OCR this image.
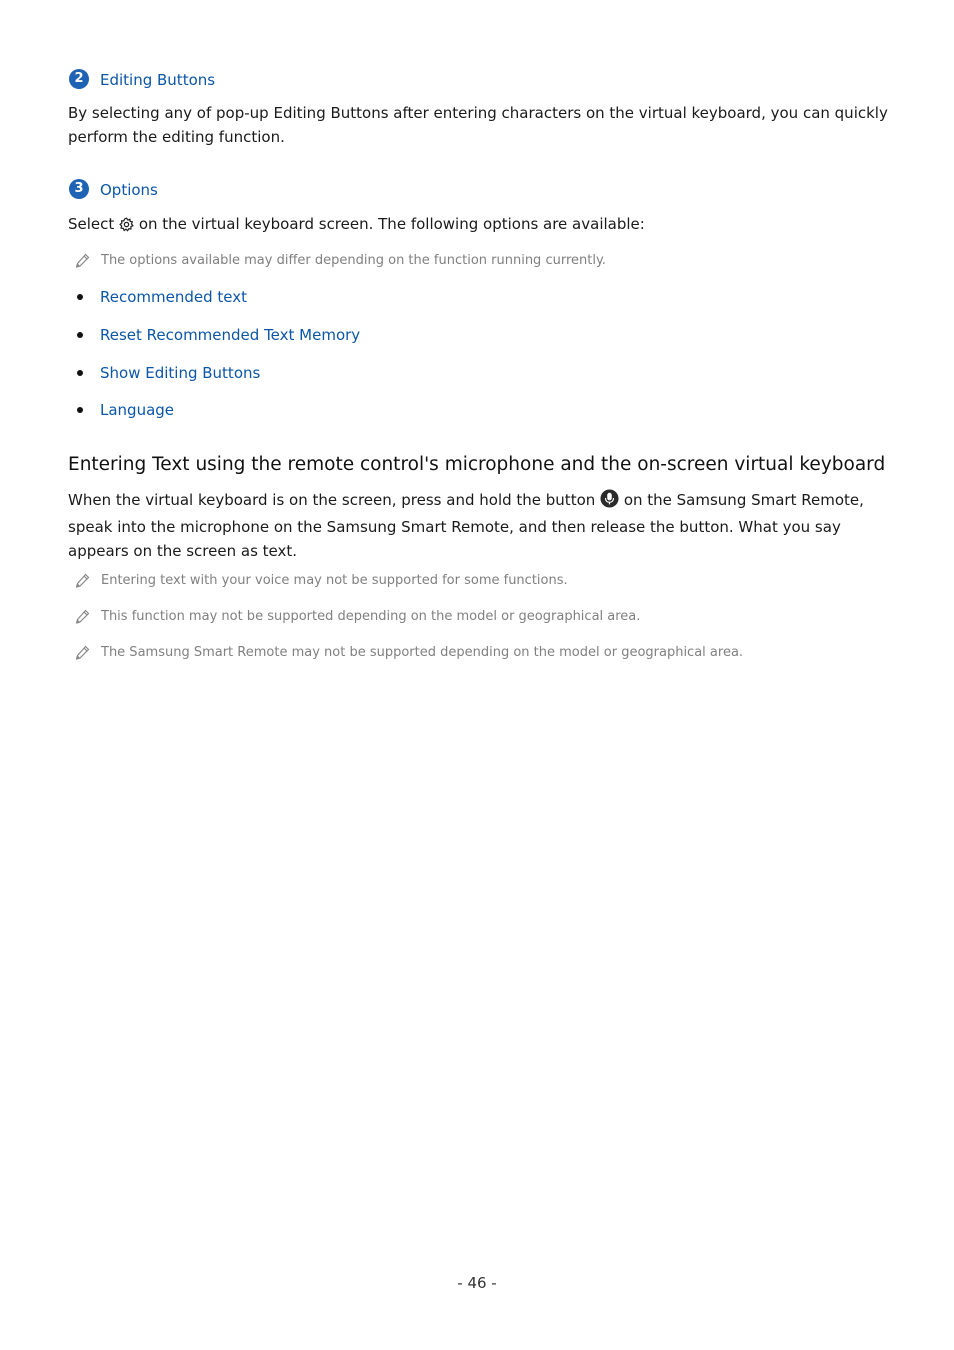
2	Editing Buttons
By selecting any of pop-up Editing Buttons after entering characters on the virtual keyboard, you can quickly perform the editing function.
3	Options
Select on the virtual keyboard screen. The following options are available:
The options available may differ depending on the function running currently.
Recommended text
Reset Recommended Text Memory
Show Editing Buttons
Language
Entering Text using the remote control's microphone and the on-screen virtual keyboard
When the virtual keyboard is on the screen, press and hold the button on the Samsung Smart Remote, speak into the microphone on the Samsung Smart Remote, and then release the button. What you say appears on the screen as text.
Entering text with your voice may not be supported for some functions.
This function may not be supported depending on the model or geographical area.
The Samsung Smart Remote may not be supported depending on the model or geographical area.
- 46 -
